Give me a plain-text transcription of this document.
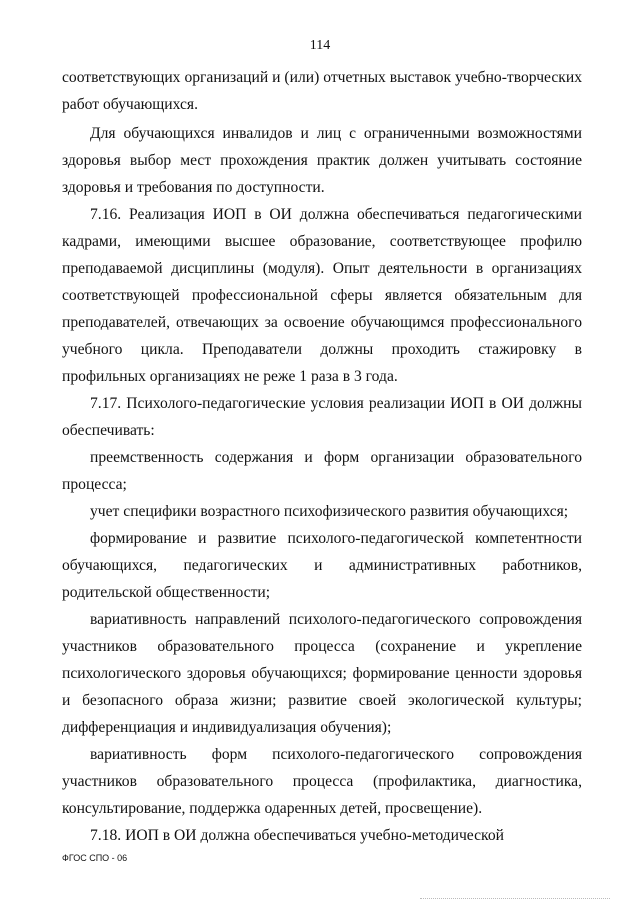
114

соответствующих организаций и (или) отчетных выставок учебно-творческих работ обучающихся.

Для обучающихся инвалидов и лиц с ограниченными возможностями здоровья выбор мест прохождения практик должен учитывать состояние здоровья и требования по доступности.

7.16. Реализация ИОП в ОИ должна обеспечиваться педагогическими кадрами, имеющими высшее образование, соответствующее профилю преподаваемой дисциплины (модуля). Опыт деятельности в организациях соответствующей профессиональной сферы является обязательным для преподавателей, отвечающих за освоение обучающимся профессионального учебного цикла. Преподаватели должны проходить стажировку в профильных организациях не реже 1 раза в 3 года.

7.17. Психолого-педагогические условия реализации ИОП в ОИ должны обеспечивать:

преемственность содержания и форм организации образовательного процесса;

учет специфики возрастного психофизического развития обучающихся;

формирование и развитие психолого-педагогической компетентности обучающихся, педагогических и административных работников, родительской общественности;

вариативность направлений психолого-педагогического сопровождения участников образовательного процесса (сохранение и укрепление психологического здоровья обучающихся; формирование ценности здоровья и безопасного образа жизни; развитие своей экологической культуры; дифференциация и индивидуализация обучения);

вариативность форм психолого-педагогического сопровождения участников образовательного процесса (профилактика, диагностика, консультирование, поддержка одаренных детей, просвещение).

7.18. ИОП в ОИ должна обеспечиваться учебно-методической

ФГОС СПО - 06
